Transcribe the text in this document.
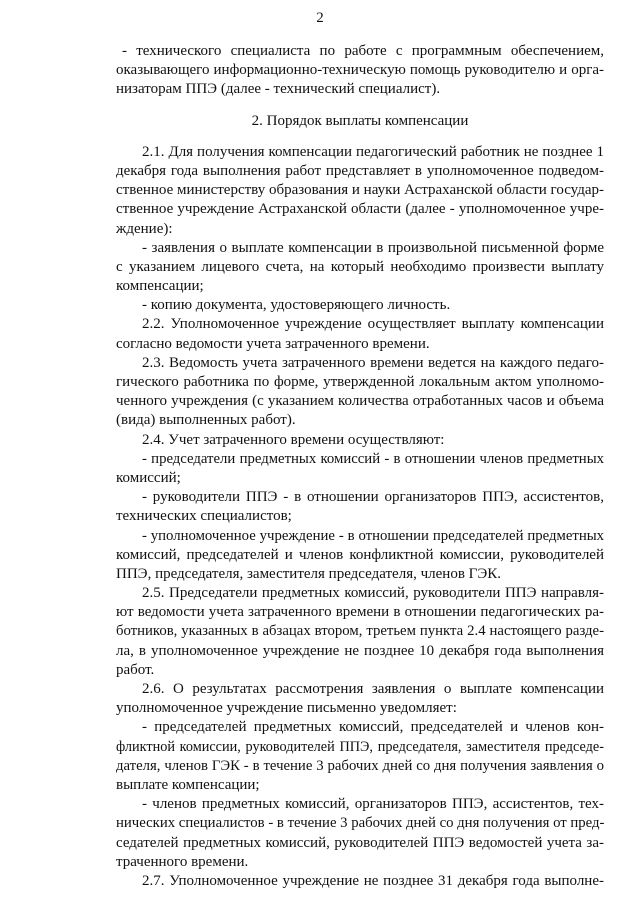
2
- технического специалиста по работе с программным обеспечением,
оказывающего информационно-техническую помощь руководителю и орга-
низаторам ППЭ (далее - технический специалист).
2. Порядок выплаты компенсации
2.1. Для получения компенсации педагогический работник не позднее 1
декабря года выполнения работ представляет в уполномоченное подведом-
ственное министерству образования и науки Астраханской области государ-
ственное учреждение Астраханской области (далее - уполномоченное учре-
ждение):
- заявления о выплате компенсации в произвольной письменной форме
с указанием лицевого счета, на который необходимо произвести выплату
компенсации;
- копию документа, удостоверяющего личность.
2.2. Уполномоченное учреждение осуществляет выплату компенсации
согласно ведомости учета затраченного времени.
2.3. Ведомость учета затраченного времени ведется на каждого педаго-
гического работника по форме, утвержденной локальным актом уполномо-
ченного учреждения (с указанием количества отработанных часов и объема
(вида) выполненных работ).
2.4. Учет затраченного времени осуществляют:
- председатели предметных комиссий - в отношении членов предметных
комиссий;
- руководители ППЭ - в отношении организаторов ППЭ, ассистентов,
технических специалистов;
- уполномоченное учреждение - в отношении председателей предметных
комиссий, председателей и членов конфликтной комиссии, руководителей
ППЭ, председателя, заместителя председателя, членов ГЭК.
2.5. Председатели предметных комиссий, руководители ППЭ направля-
ют ведомости учета затраченного времени в отношении педагогических ра-
ботников, указанных в абзацах втором, третьем пункта 2.4 настоящего разде-
ла, в уполномоченное учреждение не позднее 10 декабря года выполнения
работ.
2.6. О результатах рассмотрения заявления о выплате компенсации
уполномоченное учреждение письменно уведомляет:
- председателей предметных комиссий, председателей и членов кон-
фликтной комиссии, руководителей ППЭ, председателя, заместителя председе-
дателя, членов ГЭК - в течение 3 рабочих дней со дня получения заявления о
выплате компенсации;
- членов предметных комиссий, организаторов ППЭ, ассистентов, тех-
нических специалистов - в течение 3 рабочих дней со дня получения от пред-
седателей предметных комиссий, руководителей ППЭ ведомостей учета за-
траченного времени.
2.7. Уполномоченное учреждение не позднее 31 декабря года выполне-
